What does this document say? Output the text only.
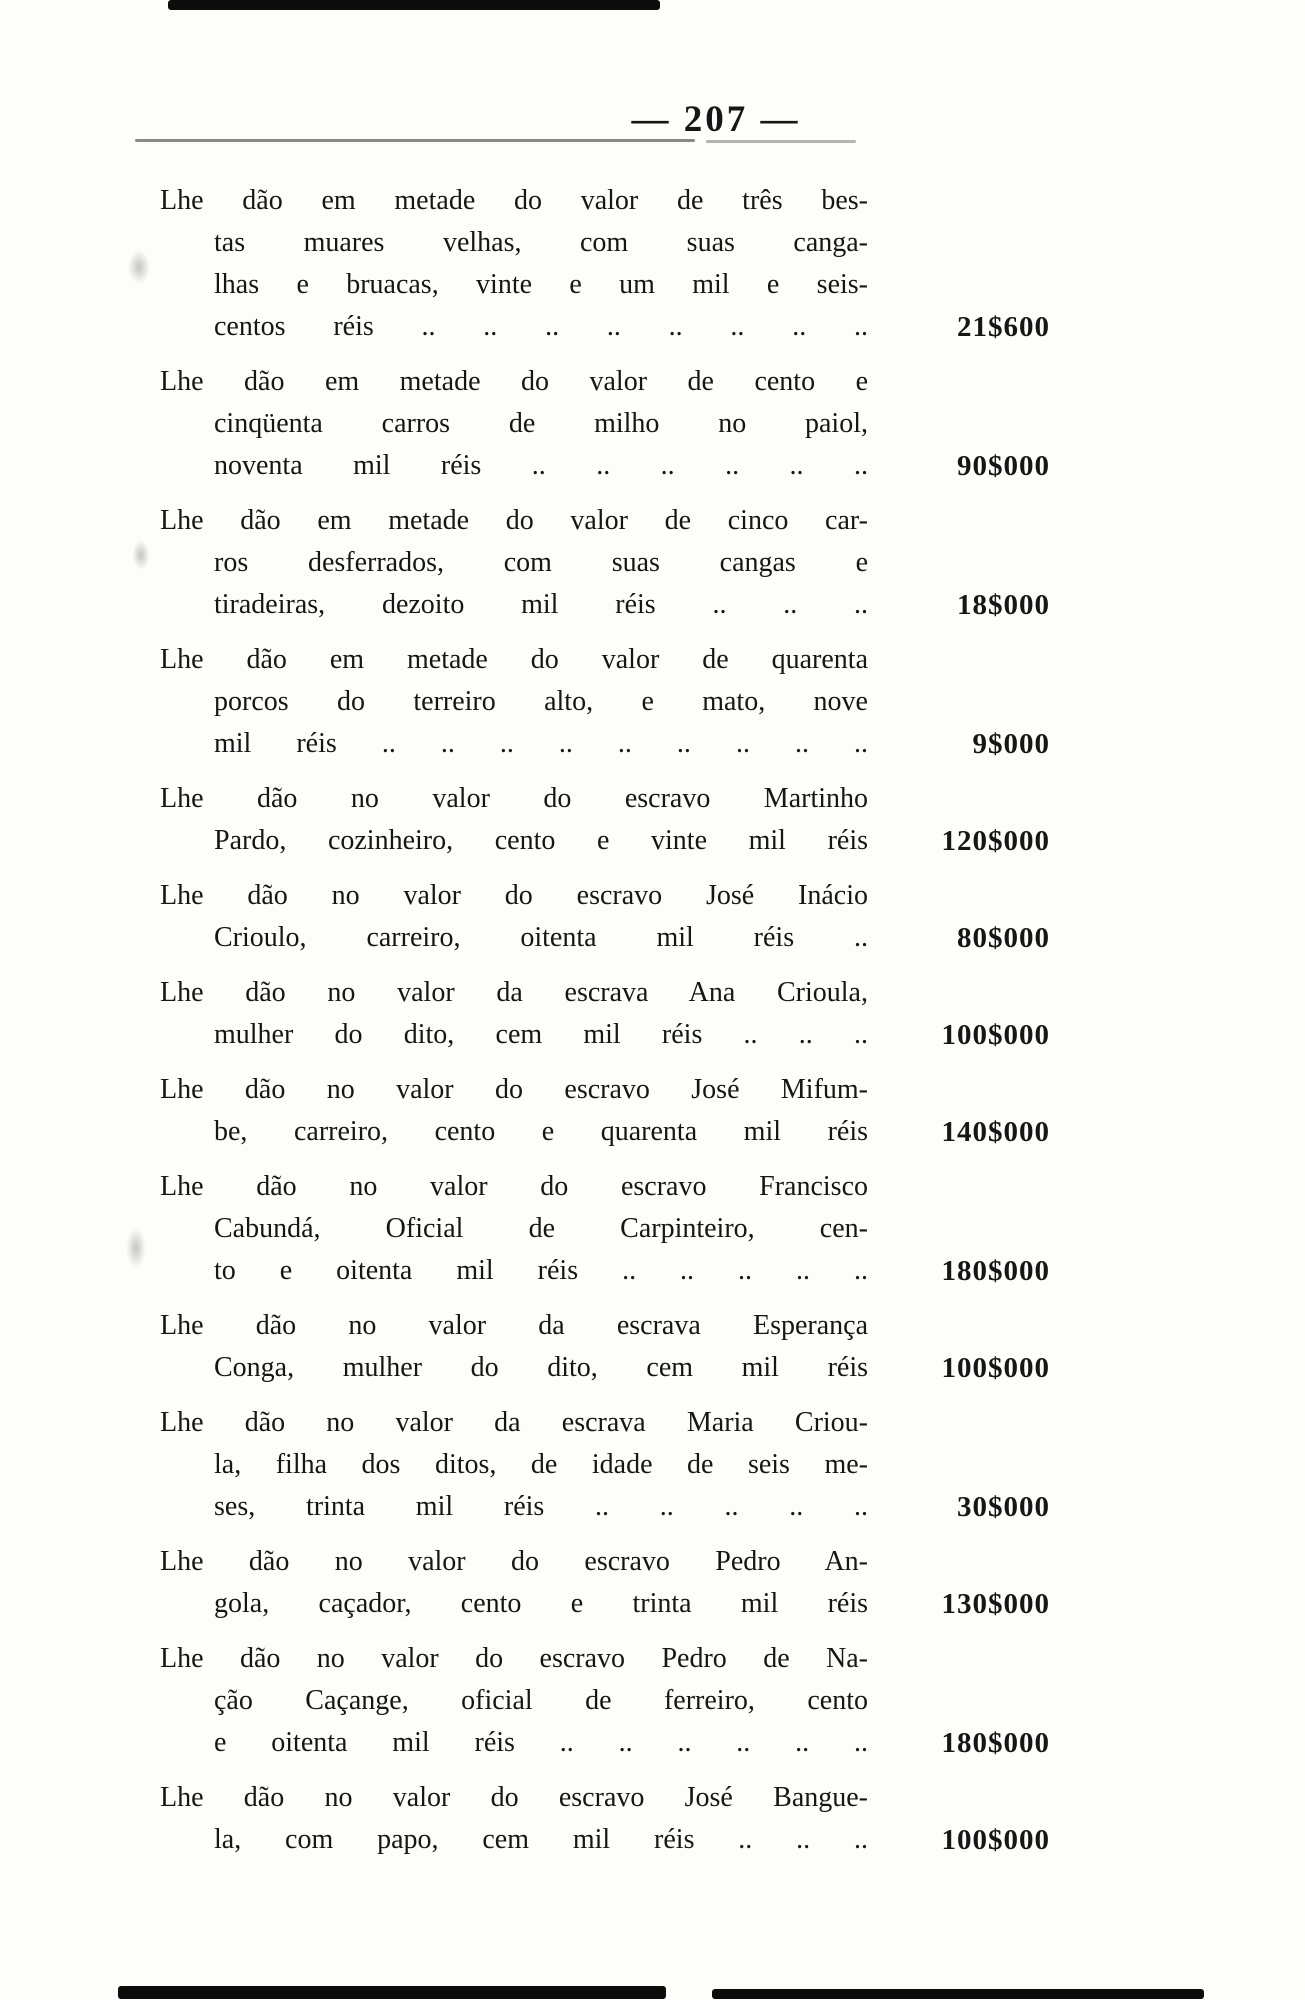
— 207 —
Lhe dão em metade do valor de três bes-
tas muares velhas, com suas canga-
lhas e bruacas, vinte e um mil e seis-
centos réis .. .. .. .. .. .. .. ..	21$600
Lhe dão em metade do valor de cento e
cinqüenta carros de milho no paiol,
noventa mil réis .. .. .. .. .. ..	90$000
Lhe dão em metade do valor de cinco car-
ros desferrados, com suas cangas e
tiradeiras, dezoito mil réis .. .. ..	18$000
Lhe dão em metade do valor de quarenta
porcos do terreiro alto, e mato, nove
mil réis .. .. .. .. .. .. .. .. ..	9$000
Lhe dão no valor do escravo Martinho
Pardo, cozinheiro, cento e vinte mil réis	120$000
Lhe dão no valor do escravo José Inácio
Crioulo, carreiro, oitenta mil réis ..	80$000
Lhe dão no valor da escrava Ana Crioula,
mulher do dito, cem mil réis .. .. ..	100$000
Lhe dão no valor do escravo José Mifum-
be, carreiro, cento e quarenta mil réis	140$000
Lhe dão no valor do escravo Francisco
Cabundá, Oficial de Carpinteiro, cen-
to e oitenta mil réis .. .. .. .. ..	180$000
Lhe dão no valor da escrava Esperança
Conga, mulher do dito, cem mil réis	100$000
Lhe dão no valor da escrava Maria Criou-
la, filha dos ditos, de idade de seis me-
ses, trinta mil réis .. .. .. .. ..	30$000
Lhe dão no valor do escravo Pedro An-
gola, caçador, cento e trinta mil réis	130$000
Lhe dão no valor do escravo Pedro de Na-
ção Caçange, oficial de ferreiro, cento
e oitenta mil réis .. .. .. .. .. ..	180$000
Lhe dão no valor do escravo José Bangue-
la, com papo, cem mil réis .. .. ..	100$000
